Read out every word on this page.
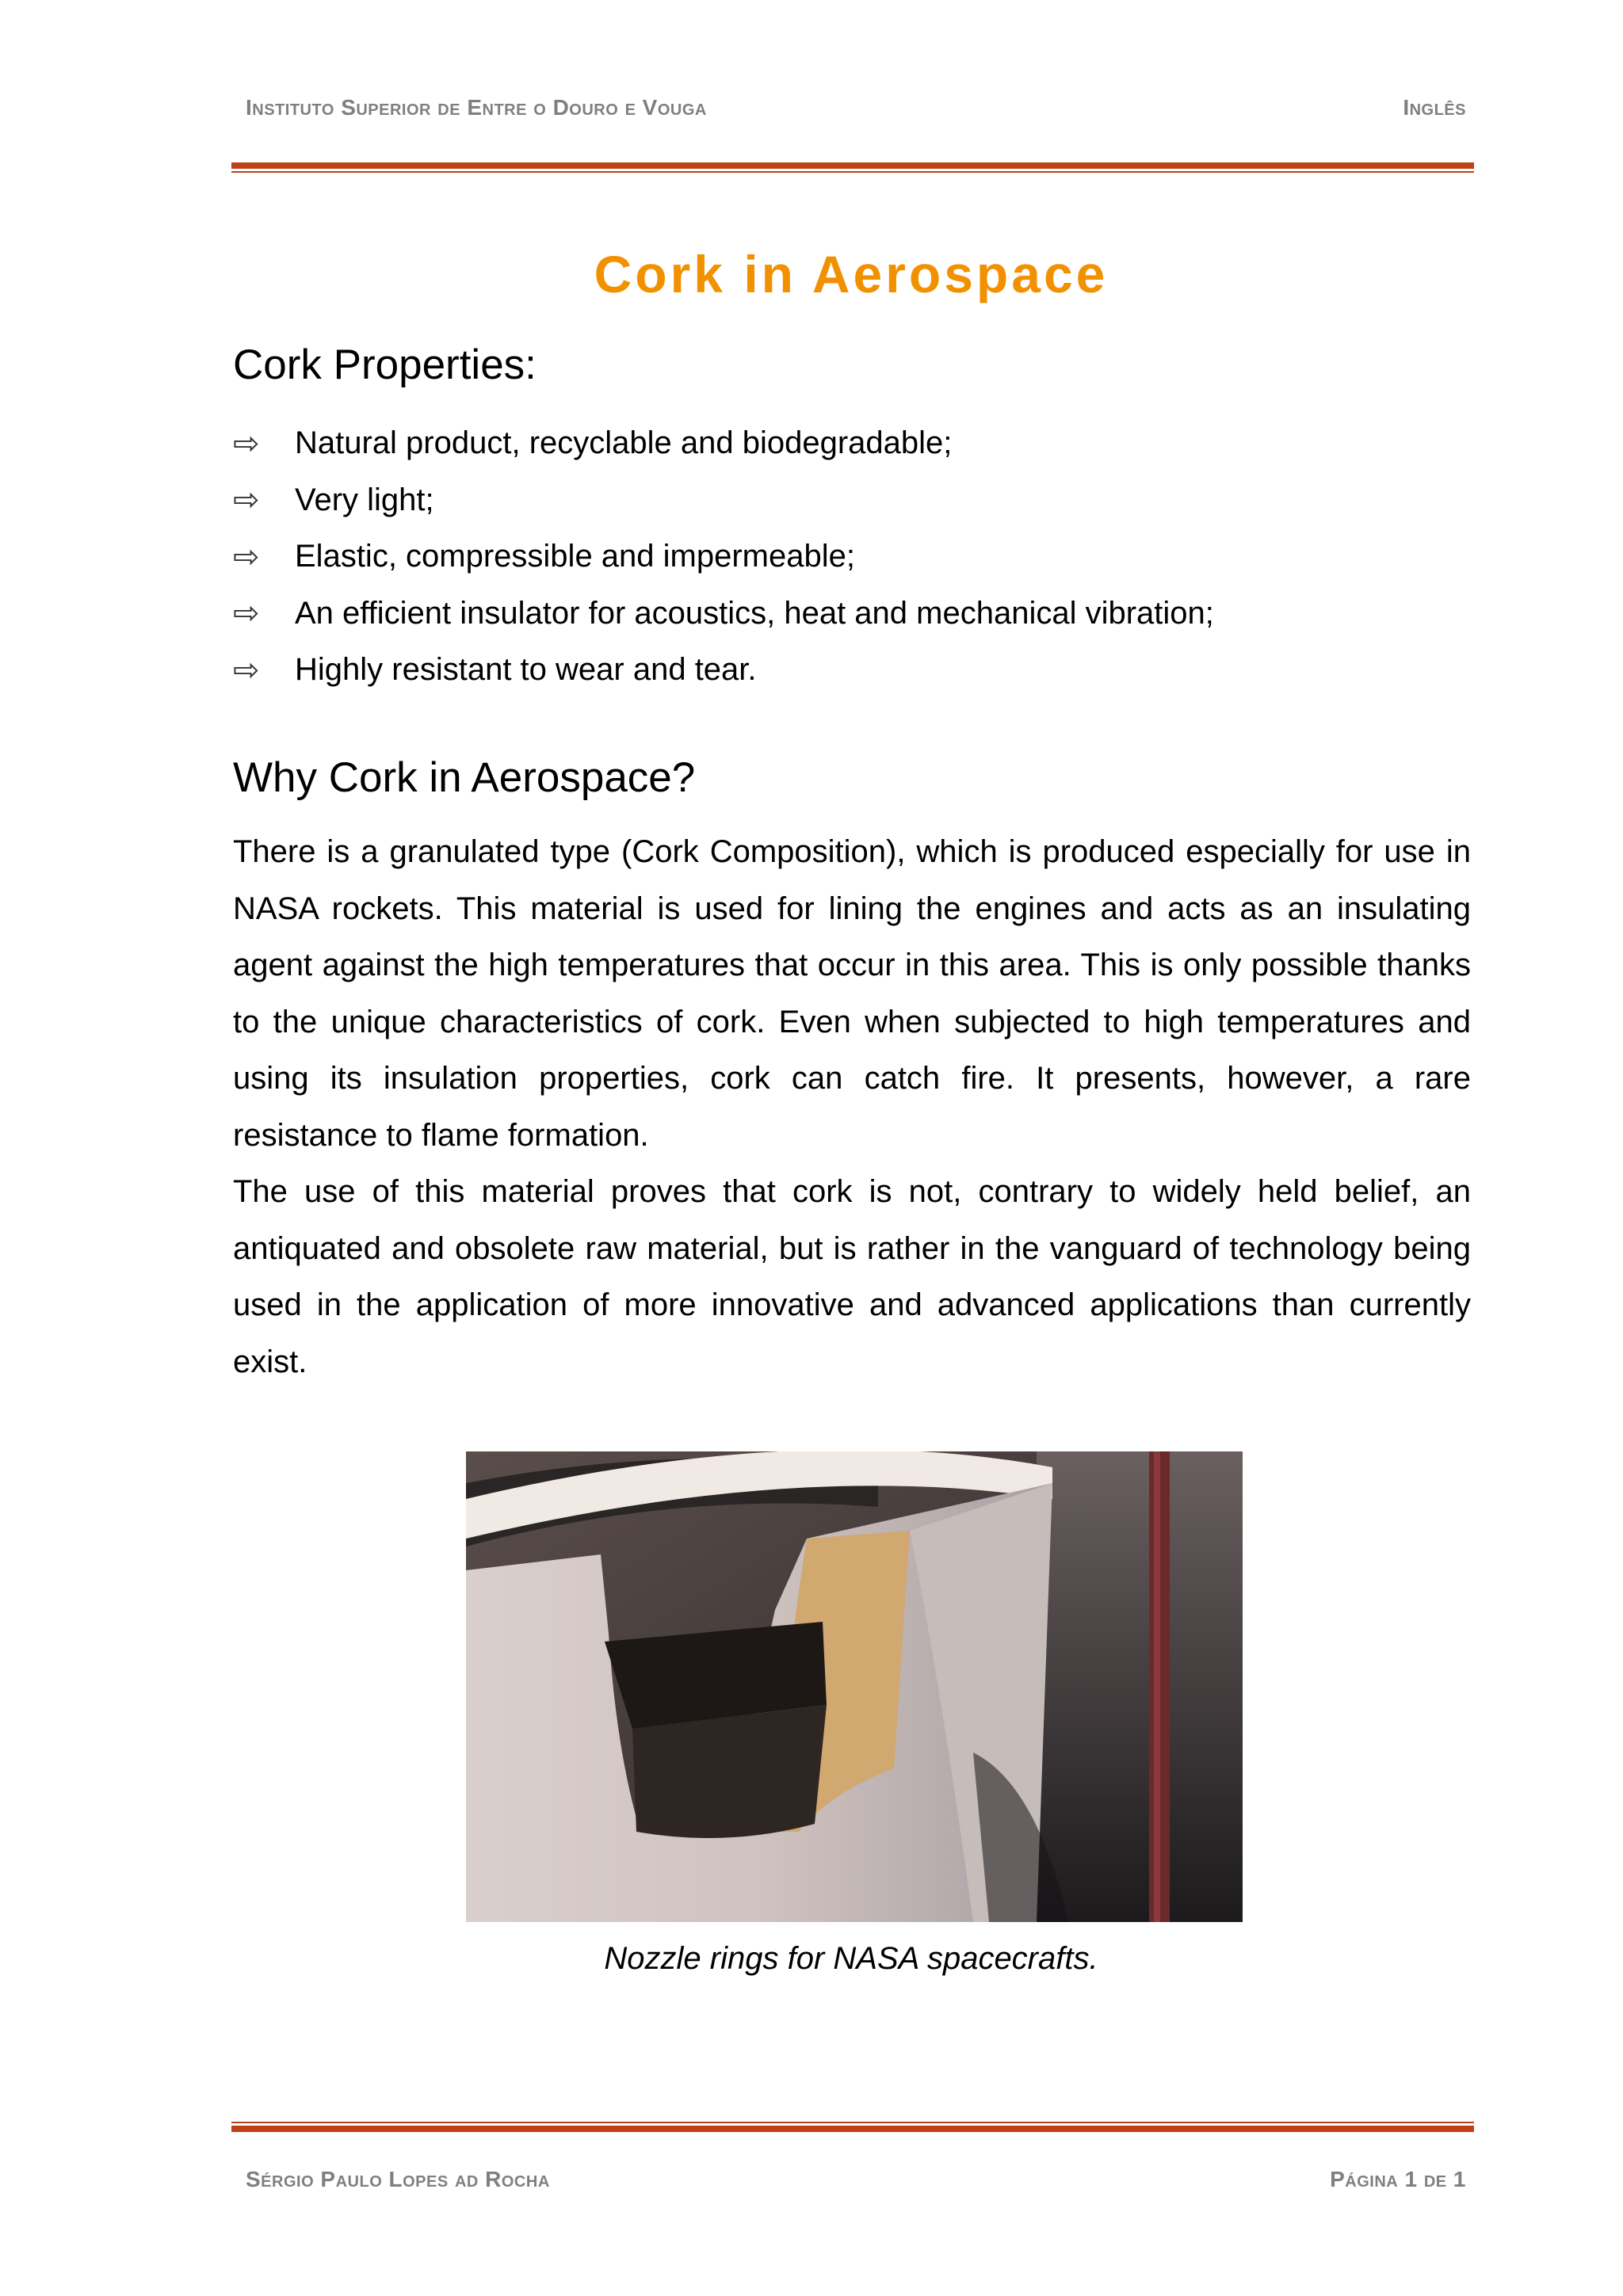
Instituto Superior de Entre o Douro e Vouga	Inglês
Cork in Aerospace
Cork Properties:
⇨	Natural product, recyclable and biodegradable;
⇨	Very light;
⇨	Elastic, compressible and impermeable;
⇨	An efficient insulator for acoustics, heat and mechanical vibration;
⇨	Highly resistant to wear and tear.
Why Cork in Aerospace?

There is a granulated type (Cork Composition), which is produced especially for use in NASA rockets. This material is used for lining the engines and acts as an insulating agent against the high temperatures that occur in this area. This is only possible thanks to the unique characteristics of cork. Even when subjected to high temperatures and using its insulation properties, cork can catch fire. It presents, however, a rare resistance to flame formation.

The use of this material proves that cork is not, contrary to widely held belief, an antiquated and obsolete raw material, but is rather in the vanguard of technology being used in the application of more innovative and advanced applications than currently exist.

Nozzle rings for NASA spacecrafts.
Sérgio Paulo Lopes ad Rocha	Página 1 de 1
